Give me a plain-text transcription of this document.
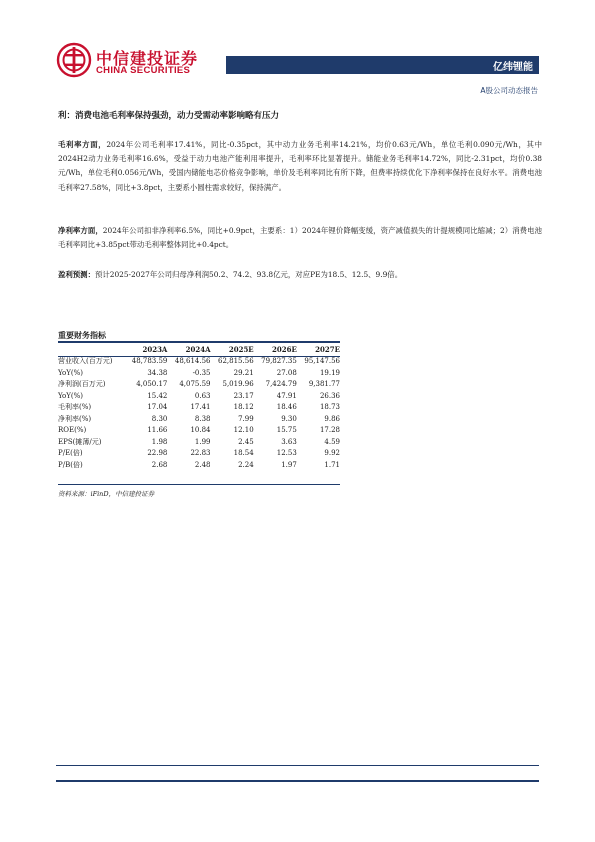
中信建投证券
CHINA SECURITIES	亿纬锂能
A股公司动态报告
利：消费电池毛利率保持强劲，动力受需动率影响略有压力
毛利率方面，2024年公司毛利率17.41%，同比-0.35pct，其中动力业务毛利率14.21%，均价0.63元/Wh，单位毛利0.090元/Wh，其中2024H2动力业务毛利率16.6%，受益于动力电池产能利用率提升，毛利率环比显著提升。储能业务毛利率14.72%，同比-2.31pct，均价0.38元/Wh，单位毛利0.056元/Wh，受国内储能电芯价格竞争影响，单价及毛利率同比有所下降，但费率持续优化下净利率保持在良好水平。消费电池毛利率27.58%，同比+3.8pct，主要系小圆柱需求较好，保持满产。
净利率方面，2024年公司扣非净利率6.5%，同比+0.9pct，主要系：1）2024年锂价降幅变缓，资产减值损失的计提规模同比缩减；2）消费电池毛利率同比+3.85pct带动毛利率整体同比+0.4pct。
盈利预测：预计2025-2027年公司归母净利润50.2、74.2、93.8亿元，对应PE为18.5、12.5、9.9倍。
重要财务指标
	2023A	2024A	2025E	2026E	2027E
营业收入(百万元)	48,783.59	48,614.56	62,815.56	79,827.35	95,147.56
YoY(%)	34.38	-0.35	29.21	27.08	19.19
净利润(百万元)	4,050.17	4,075.59	5,019.96	7,424.79	9,381.77
YoY(%)	15.42	0.63	23.17	47.91	26.36
毛利率(%)	17.04	17.41	18.12	18.46	18.73
净利率(%)	8.30	8.38	7.99	9.30	9.86
ROE(%)	11.66	10.84	12.10	15.75	17.28
EPS(摊薄/元)	1.98	1.99	2.45	3.63	4.59
P/E(倍)	22.98	22.83	18.54	12.53	9.92
P/B(倍)	2.68	2.48	2.24	1.97	1.71
资料来源：iFinD，中信建投证券
